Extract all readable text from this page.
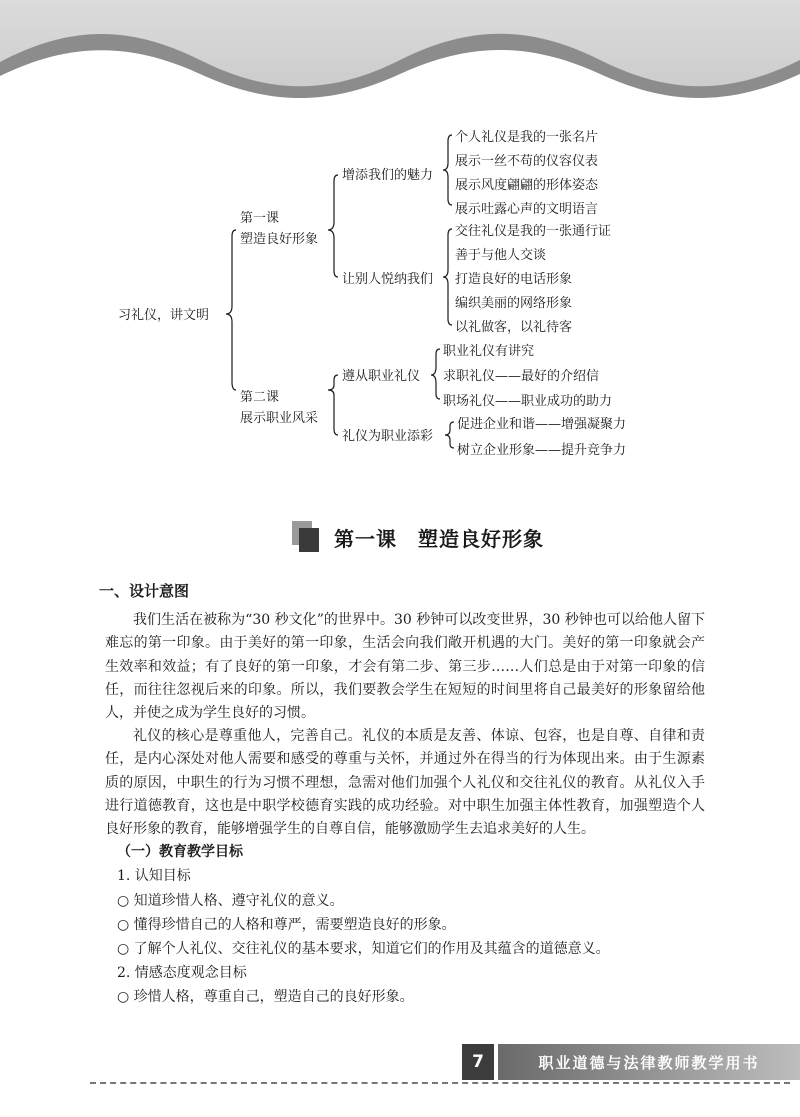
习礼仪，讲文明
第一课
塑造良好形象
增添我们的魅力
个人礼仪是我的一张名片
展示一丝不苟的仪容仪表
展示风度翩翩的形体姿态
展示吐露心声的文明语言
让别人悦纳我们
交往礼仪是我的一张通行证
善于与他人交谈
打造良好的电话形象
编织美丽的网络形象
以礼做客，以礼待客
第二课
展示职业风采
遵从职业礼仪
职业礼仪有讲究
求职礼仪——最好的介绍信
职场礼仪——职业成功的助力
礼仪为职业添彩
促进企业和谐——增强凝聚力
树立企业形象——提升竞争力
第一课　塑造良好形象
一、设计意图

我们生活在被称为“30 秒文化”的世界中。30 秒钟可以改变世界，30 秒钟也可以给他人留下难忘的第一印象。由于美好的第一印象，生活会向我们敞开机遇的大门。美好的第一印象就会产生效率和效益；有了良好的第一印象，才会有第二步、第三步……人们总是由于对第一印象的信任，而往往忽视后来的印象。所以，我们要教会学生在短短的时间里将自己最美好的形象留给他人，并使之成为学生良好的习惯。

礼仪的核心是尊重他人，完善自己。礼仪的本质是友善、体谅、包容，也是自尊、自律和责任，是内心深处对他人需要和感受的尊重与关怀，并通过外在得当的行为体现出来。由于生源素质的原因，中职生的行为习惯不理想，急需对他们加强个人礼仪和交往礼仪的教育。从礼仪入手进行道德教育，这也是中职学校德育实践的成功经验。对中职生加强主体性教育，加强塑造个人良好形象的教育，能够增强学生的自尊自信，能够激励学生去追求美好的人生。

（一）教育教学目标
1. 认知目标
○ 知道珍惜人格、遵守礼仪的意义。
○ 懂得珍惜自己的人格和尊严，需要塑造良好的形象。
○ 了解个人礼仪、交往礼仪的基本要求，知道它们的作用及其蕴含的道德意义。
2. 情感态度观念目标
○ 珍惜人格，尊重自己，塑造自己的良好形象。
7	职业道德与法律教师教学用书
